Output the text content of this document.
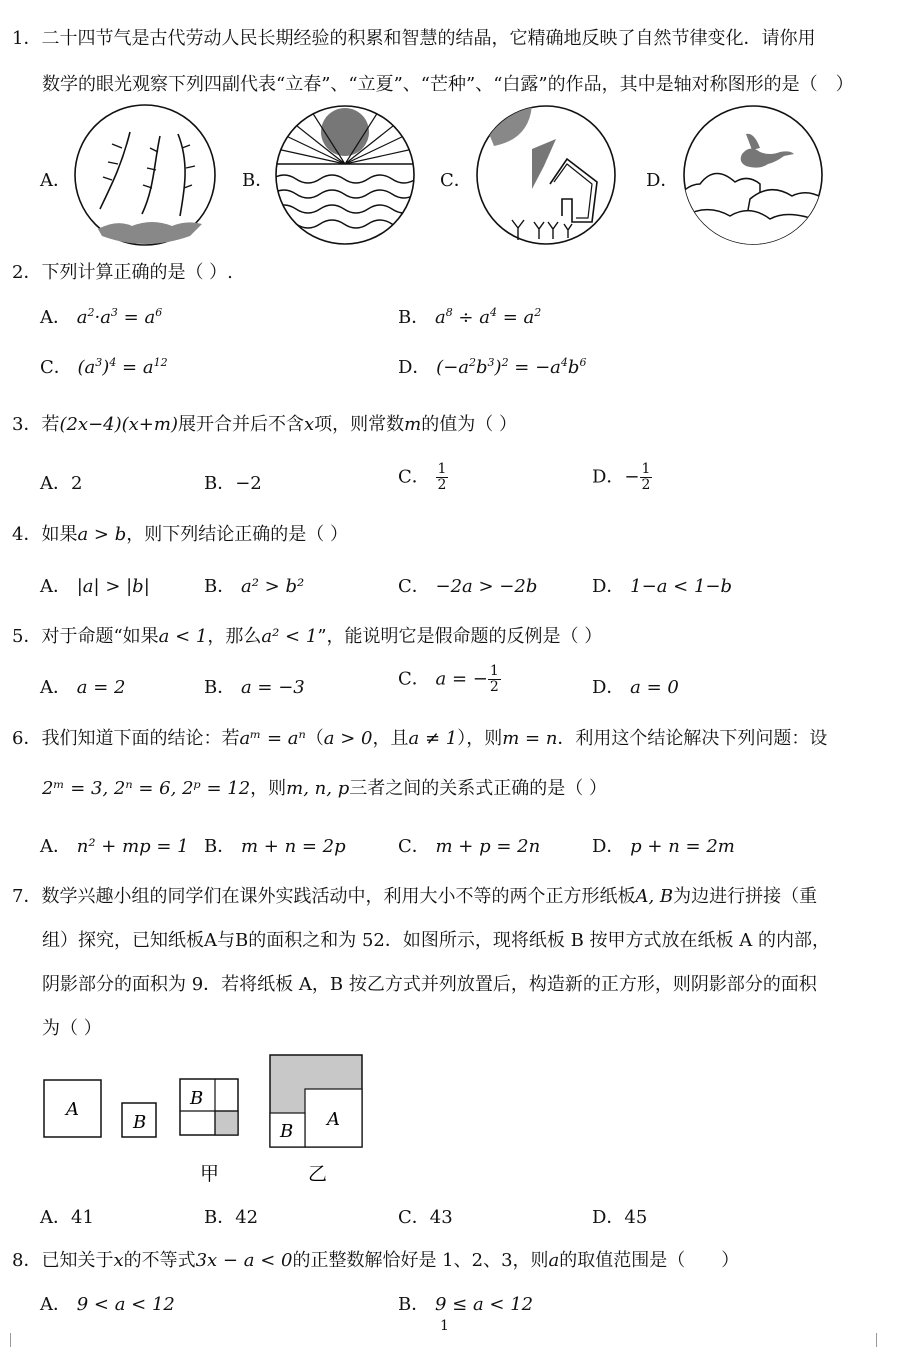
1．二十四节气是古代劳动人民长期经验的积累和智慧的结晶，它精确地反映了自然节律变化．请你用
数学的眼光观察下列四副代表“立春”、“立夏”、“芒种”、“白露”的作品，其中是轴对称图形的是（　）
A．	B．	C．	D．
2．下列计算正确的是（ ）.
A． $a^2\cdot a^3 = a^6$	B． $a^8 \div a^4 = a^2$
C． $(a^3)^4 = a^{12}$	D． $(-a^2b^3)^2 = -a^4b^6$
3．若(2x−4)(x+m)展开合并后不含x项，则常数m的值为（ ）
A．2	B．−2	C． $\frac{1}{2}$	D．− $\frac{1}{2}$
4．如果a > b，则下列结论正确的是（ ）
A． |a| > |b|	B． a² > b²	C． −2a > −2b	D． 1−a < 1−b
5．对于命题“如果a < 1，那么a² < 1”，能说明它是假命题的反例是（ ）
A． a = 2	B． a = −3	C． a = − $\frac{1}{2}$	D． a = 0
6．我们知道下面的结论：若aᵐ = aⁿ（a > 0，且a ≠ 1），则m = n．利用这个结论解决下列问题：设
2ᵐ = 3, 2ⁿ = 6, 2ᵖ = 12，则m, n, p三者之间的关系式正确的是（ ）
A． n² + mp = 1 B． m + n = 2p	C． m + p = 2n	D． p + n = 2m
7．数学兴趣小组的同学们在课外实践活动中，利用大小不等的两个正方形纸板A, B为边进行拼接（重
组）探究，已知纸板A与B的面积之和为 52．如图所示，现将纸板 B 按甲方式放在纸板 A 的内部，
阴影部分的面积为 9．若将纸板 A，B 按乙方式并列放置后，构造新的正方形，则阴影部分的面积
为（ ）
A
B
B
甲
A
B
乙
A．41	B．42	C．43	D．45
8．已知关于x的不等式3x − a < 0的正整数解恰好是 1、2、3，则a的取值范围是（　　）
A． 9 < a < 12	B． 9 ≤ a < 12
1
